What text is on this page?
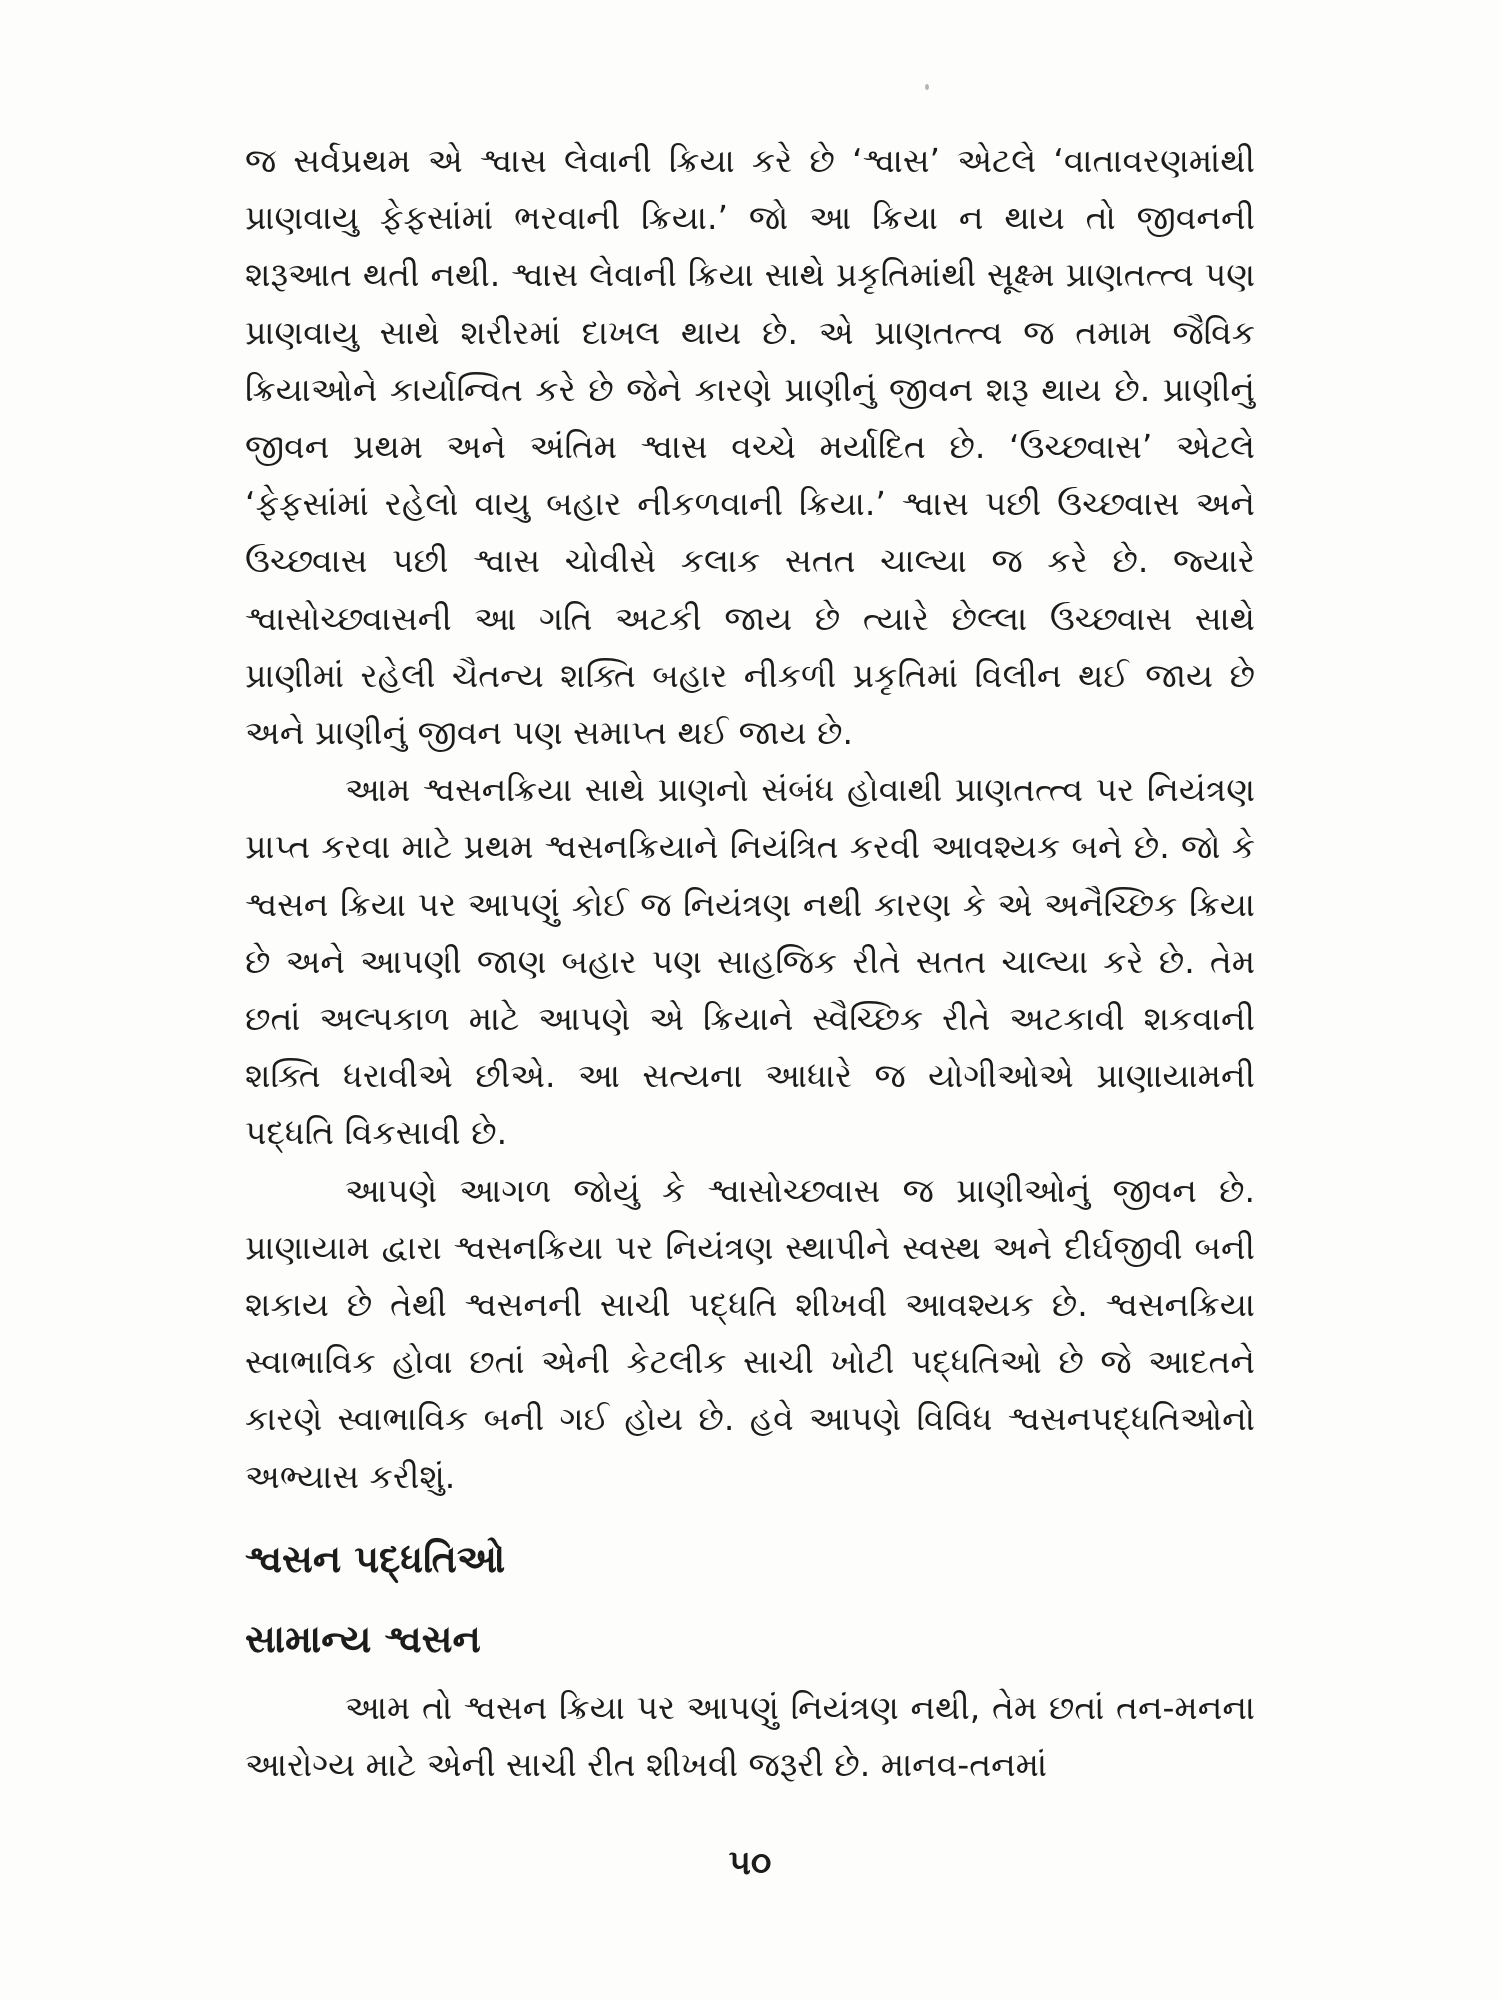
જ સર્વપ્રથમ એ શ્વાસ લેવાની ક્રિયા કરે છે ‘શ્વાસ’ એટલે ‘વાતાવરણમાંથી પ્રાણવાયુ ફેફસાંમાં ભરવાની ક્રિયા.’ જો આ ક્રિયા ન થાય તો જીવનની શરૂઆત થતી નથી. શ્વાસ લેવાની ક્રિયા સાથે પ્રકૃતિમાંથી સૂક્ષ્મ પ્રાણતત્ત્વ પણ પ્રાણવાયુ સાથે શરીરમાં દાખલ થાય છે. એ પ્રાણતત્ત્વ જ તમામ જૈવિક ક્રિયાઓને કાર્યાન્વિત કરે છે જેને કારણે પ્રાણીનું જીવન શરૂ થાય છે. પ્રાણીનું જીવન પ્રથમ અને અંતિમ શ્વાસ વચ્ચે મર્યાદિત છે. ‘ઉચ્છ્વાસ’ એટલે ‘ફેફસાંમાં રહેલો વાયુ બહાર નીકળવાની ક્રિયા.’ શ્વાસ પછી ઉચ્છ્વાસ અને ઉચ્છ્વાસ પછી શ્વાસ ચોવીસે કલાક સતત ચાલ્યા જ કરે છે. જ્યારે શ્વાસોચ્છ્વાસની આ ગતિ અટકી જાય છે ત્યારે છેલ્લા ઉચ્છ્વાસ સાથે પ્રાણીમાં રહેલી ચૈતન્ય શક્તિ બહાર નીકળી પ્રકૃતિમાં વિલીન થઈ જાય છે અને પ્રાણીનું જીવન પણ સમાપ્ત થઈ જાય છે.

આમ શ્વસનક્રિયા સાથે પ્રાણનો સંબંધ હોવાથી પ્રાણતત્ત્વ પર નિયંત્રણ પ્રાપ્ત કરવા માટે પ્રથમ શ્વસનક્રિયાને નિયંત્રિત કરવી આવશ્યક બને છે. જો કે શ્વસન ક્રિયા પર આપણું કોઈ જ નિયંત્રણ નથી કારણ કે એ અનૈચ્છિક ક્રિયા છે અને આપણી જાણ બહાર પણ સાહજિક રીતે સતત ચાલ્યા કરે છે. તેમ છતાં અલ્પકાળ માટે આપણે એ ક્રિયાને સ્વૈચ્છિક રીતે અટકાવી શકવાની શક્તિ ધરાવીએ છીએ. આ સત્યના આધારે જ યોગીઓએ પ્રાણાયામની પદ્ધતિ વિકસાવી છે.

આપણે આગળ જોયું કે શ્વાસોચ્છ્વાસ જ પ્રાણીઓનું જીવન છે. પ્રાણાયામ દ્વારા શ્વસનક્રિયા પર નિયંત્રણ સ્થાપીને સ્વસ્થ અને દીર્ઘજીવી બની શકાય છે તેથી શ્વસનની સાચી પદ્ધતિ શીખવી આવશ્યક છે. શ્વસનક્રિયા સ્વાભાવિક હોવા છતાં એની કેટલીક સાચી ખોટી પદ્ધતિઓ છે જે આદતને કારણે સ્વાભાવિક બની ગઈ હોય છે. હવે આપણે વિવિધ શ્વસનપદ્ધતિઓનો અભ્યાસ કરીશું.

શ્વસન પદ્ધતિઓ
સામાન્ય શ્વસન

આમ તો શ્વસન ક્રિયા પર આપણું નિયંત્રણ નથી, તેમ છતાં તન-મનના આરોગ્ય માટે એની સાચી રીત શીખવી જરૂરી છે. માનવ-તનમાં

૫૦
